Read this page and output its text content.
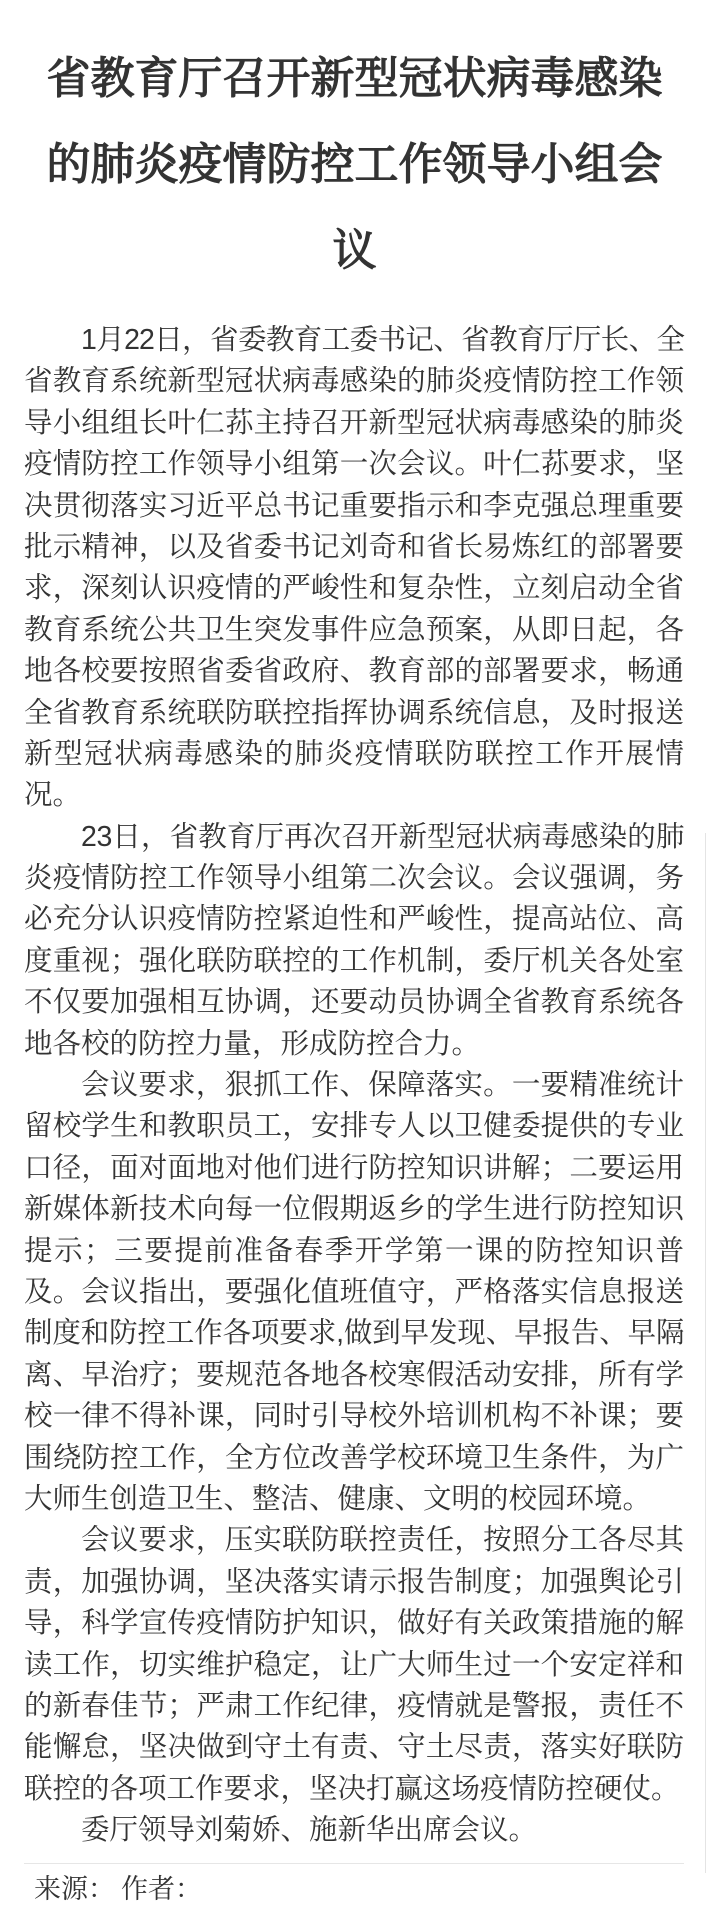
省教育厅召开新型冠状病毒感染
的肺炎疫情防控工作领导小组会
议
1月22日，省委教育工委书记、省教育厅厅长、全
省教育系统新型冠状病毒感染的肺炎疫情防控工作领
导小组组长叶仁荪主持召开新型冠状病毒感染的肺炎
疫情防控工作领导小组第一次会议。叶仁荪要求，坚
决贯彻落实习近平总书记重要指示和李克强总理重要
批示精神，以及省委书记刘奇和省长易炼红的部署要
求，深刻认识疫情的严峻性和复杂性，立刻启动全省
教育系统公共卫生突发事件应急预案，从即日起，各
地各校要按照省委省政府、教育部的部署要求，畅通
全省教育系统联防联控指挥协调系统信息，及时报送
新型冠状病毒感染的肺炎疫情联防联控工作开展情
况。
23日，省教育厅再次召开新型冠状病毒感染的肺
炎疫情防控工作领导小组第二次会议。会议强调，务
必充分认识疫情防控紧迫性和严峻性，提高站位、高
度重视；强化联防联控的工作机制，委厅机关各处室
不仅要加强相互协调，还要动员协调全省教育系统各
地各校的防控力量，形成防控合力。
会议要求，狠抓工作、保障落实。一要精准统计
留校学生和教职员工，安排专人以卫健委提供的专业
口径，面对面地对他们进行防控知识讲解；二要运用
新媒体新技术向每一位假期返乡的学生进行防控知识
提示；三要提前准备春季开学第一课的防控知识普
及。会议指出，要强化值班值守，严格落实信息报送
制度和防控工作各项要求,做到早发现、早报告、早隔
离、早治疗；要规范各地各校寒假活动安排，所有学
校一律不得补课，同时引导校外培训机构不补课；要
围绕防控工作，全方位改善学校环境卫生条件，为广
大师生创造卫生、整洁、健康、文明的校园环境。
会议要求，压实联防联控责任，按照分工各尽其
责，加强协调，坚决落实请示报告制度；加强舆论引
导，科学宣传疫情防护知识，做好有关政策措施的解
读工作，切实维护稳定，让广大师生过一个安定祥和
的新春佳节；严肃工作纪律，疫情就是警报，责任不
能懈怠，坚决做到守土有责、守土尽责，落实好联防
联控的各项工作要求，坚决打赢这场疫情防控硬仗。
委厅领导刘菊娇、施新华出席会议。
来源： 作者：
